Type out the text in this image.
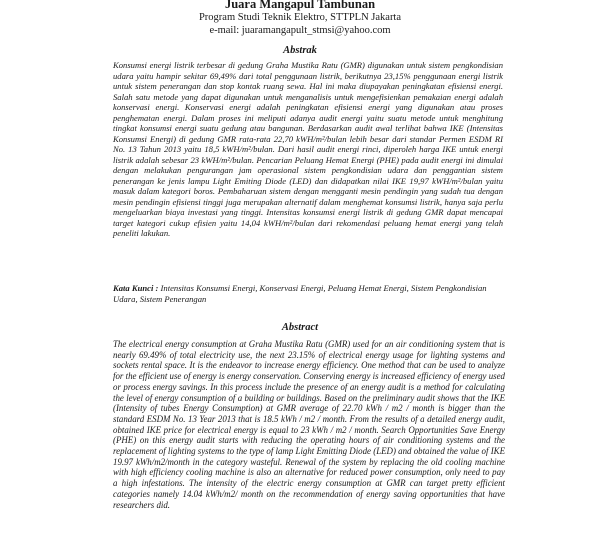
Juara Mangapul Tambunan
Program Studi Teknik Elektro, STTPLN Jakarta
e-mail: juaramangapult_stmsi@yahoo.com
Abstrak

Konsumsi energi listrik terbesar di gedung Graha Mustika Ratu (GMR) digunakan untuk sistem pengkondisian udara yaitu hampir sekitar 69,49% dari total penggunaan listrik, berikutnya 23,15% penggunaan energi listrik untuk sistem penerangan dan stop kontak ruang sewa. Hal ini maka diupayakan peningkatan efisiensi energi. Salah satu metode yang dapat digunakan untuk menganalisis untuk mengefisienkan pemakaian energi adalah konservasi energi. Konservasi energi adalah peningkatan efisiensi energi yang digunakan atau proses penghematan energi. Dalam proses ini meliputi adanya audit energi yaitu suatu metode untuk menghitung tingkat konsumsi energi suatu gedung atau bangunan. Berdasarkan audit awal terlihat bahwa IKE (Intensitas Konsumsi Energi) di gedung GMR rata-rata 22,70 kWH/m²/bulan lebih besar dari standar Permen ESDM RI No. 13 Tahun 2013 yaitu 18,5 kWH/m²/bulan. Dari hasil audit energi rinci, diperoleh harga IKE untuk energi listrik adalah sebesar 23 kWH/m²/bulan. Pencarian Peluang Hemat Energi (PHE) pada audit energi ini dimulai dengan melakukan pengurangan jam operasional sistem pengkondisian udara dan penggantian sistem penerangan ke jenis lampu Light Emiting Diode (LED) dan didapatkan nilai IKE 19,97 kWH/m²/bulan yaitu masuk dalam kategori boros. Pembaharuan sistem dengan mengganti mesin pendingin yang sudah tua dengan mesin pendingin efisiensi tinggi juga merupakan alternatif dalam menghemat konsumsi listrik, hanya saja perlu mengeluarkan biaya investasi yang tinggi. Intensitas konsumsi energi listrik di gedung GMR dapat mencapai target kategori cukup efisien yaitu 14,04 kWH/m²/bulan dari rekomendasi peluang hemat energi yang telah peneliti lakukan.

Kata Kunci : Intensitas Konsumsi Energi, Konservasi Energi, Peluang Hemat Energi, Sistem Pengkondisian Udara, Sistem Penerangan

Abstract

The electrical energy consumption at Graha Mustika Ratu (GMR) used for an air conditioning system that is nearly 69.49% of total electricity use, the next 23.15% of electrical energy usage for lighting systems and sockets rental space. It is the endeavor to increase energy efficiency. One method that can be used to analyze for the efficient use of energy is energy conservation. Conserving energy is increased efficiency of energy used or process energy savings. In this process include the presence of an energy audit is a method for calculating the level of energy consumption of a building or buildings. Based on the preliminary audit shows that the IKE (Intensity of tubes Energy Consumption) at GMR average of 22.70 kWh / m2 / month is bigger than the standard ESDM No. 13 Year 2013 that is 18.5 kWh / m2 / month. From the results of a detailed energy audit, obtained IKE price for electrical energy is equal to 23 kWh / m2 / month. Search Opportunities Save Energy (PHE) on this energy audit starts with reducing the operating hours of air conditioning systems and the replacement of lighting systems to the type of lamp Light Emitting Diode (LED) and obtained the value of IKE 19.97 kWh/m2/month in the category wasteful. Renewal of the system by replacing the old cooling machine with high efficiency cooling machine is also an alternative for reduced power consumption, only need to pay a high infestations. The intensity of the electric energy consumption at GMR can target pretty efficient categories namely 14.04 kWh/m2/ month on the recommendation of energy saving opportunities that have researchers did.
